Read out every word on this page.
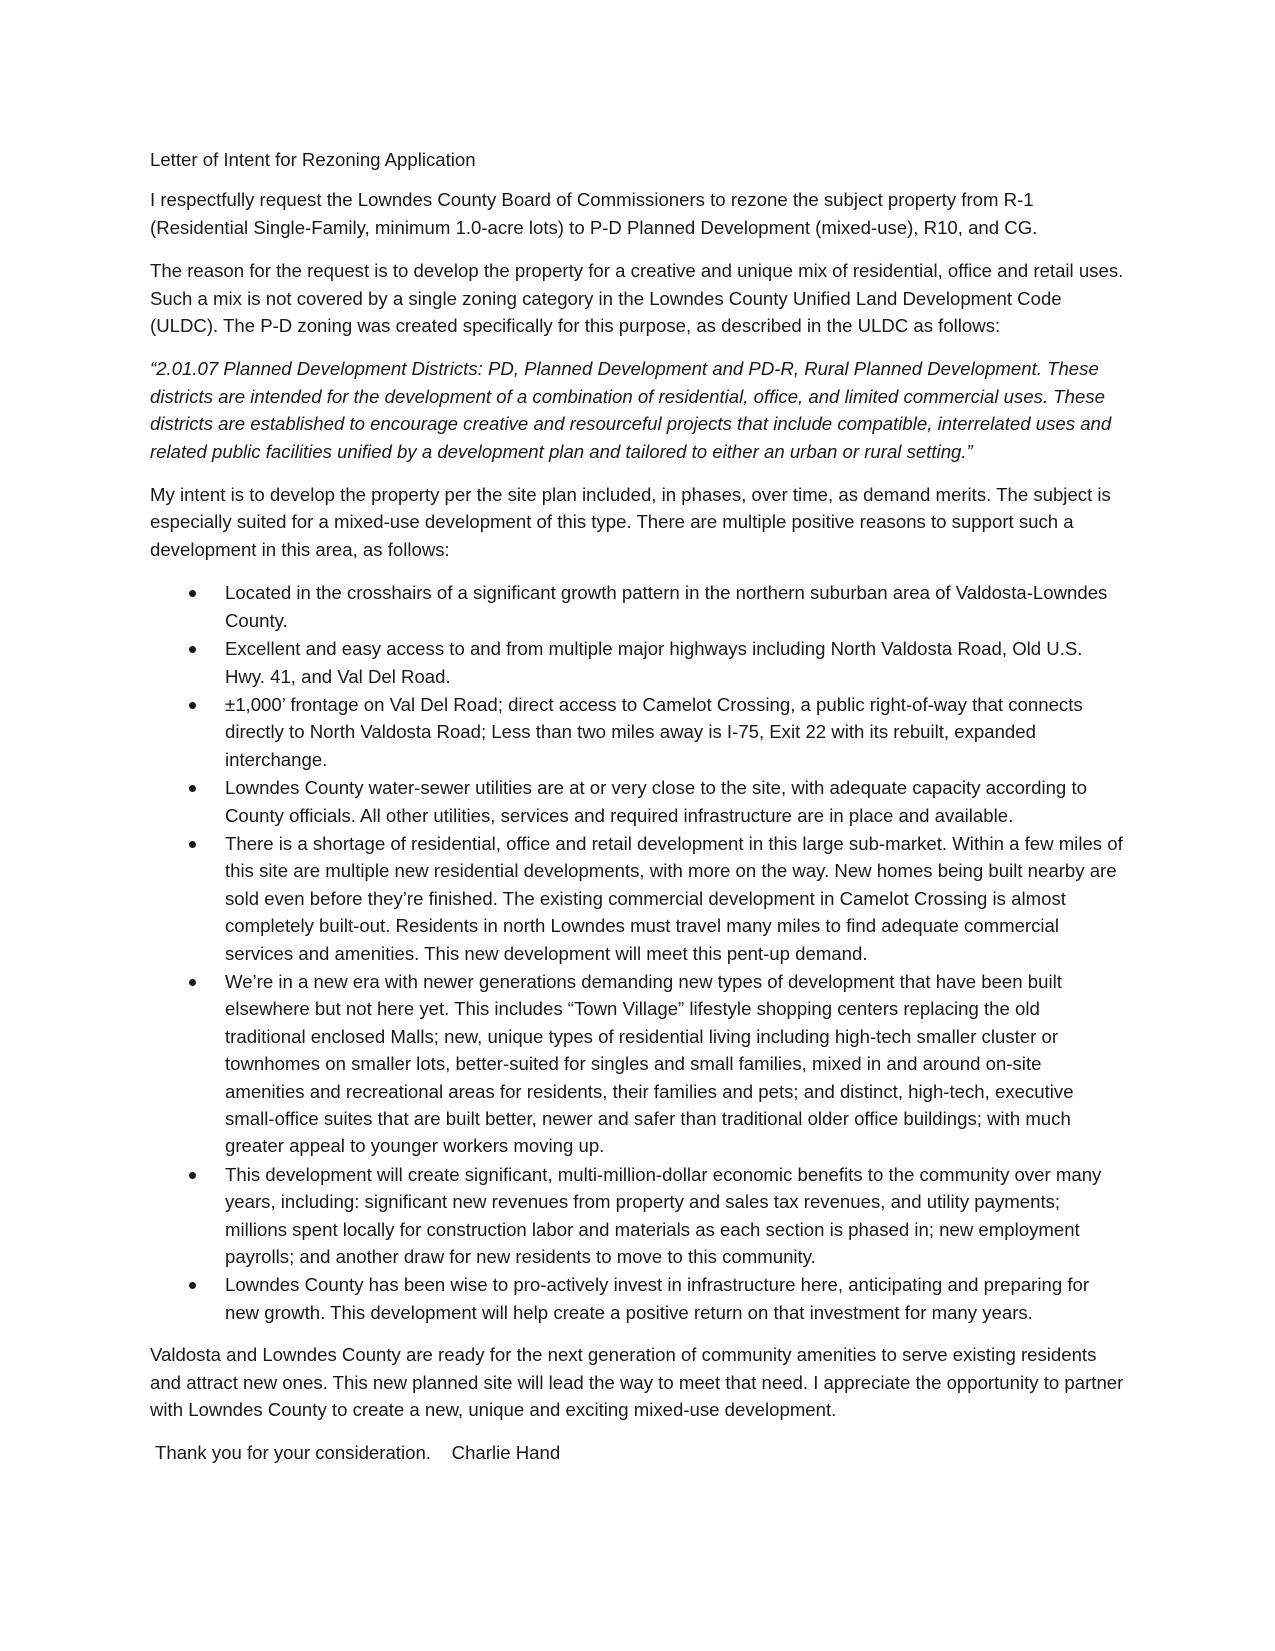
Letter of Intent for Rezoning Application

I respectfully request the Lowndes County Board of Commissioners to rezone the subject property from R-1 (Residential Single-Family, minimum 1.0-acre lots) to P-D Planned Development (mixed-use), R10, and CG.

The reason for the request is to develop the property for a creative and unique mix of residential, office and retail uses. Such a mix is not covered by a single zoning category in the Lowndes County Unified Land Development Code (ULDC). The P-D zoning was created specifically for this purpose, as described in the ULDC as follows:

“2.01.07 Planned Development Districts: PD, Planned Development and PD-R, Rural Planned Development. These districts are intended for the development of a combination of residential, office, and limited commercial uses. These districts are established to encourage creative and resourceful projects that include compatible, interrelated uses and related public facilities unified by a development plan and tailored to either an urban or rural setting.”

My intent is to develop the property per the site plan included, in phases, over time, as demand merits. The subject is especially suited for a mixed-use development of this type. There are multiple positive reasons to support such a development in this area, as follows:

Located in the crosshairs of a significant growth pattern in the northern suburban area of Valdosta-Lowndes County.
Excellent and easy access to and from multiple major highways including North Valdosta Road, Old U.S. Hwy. 41, and Val Del Road.
±1,000’ frontage on Val Del Road; direct access to Camelot Crossing, a public right-of-way that connects directly to North Valdosta Road; Less than two miles away is I-75, Exit 22 with its rebuilt, expanded interchange.
Lowndes County water-sewer utilities are at or very close to the site, with adequate capacity according to County officials. All other utilities, services and required infrastructure are in place and available.
There is a shortage of residential, office and retail development in this large sub-market. Within a few miles of this site are multiple new residential developments, with more on the way. New homes being built nearby are sold even before they’re finished. The existing commercial development in Camelot Crossing is almost completely built-out. Residents in north Lowndes must travel many miles to find adequate commercial services and amenities. This new development will meet this pent-up demand.
We’re in a new era with newer generations demanding new types of development that have been built elsewhere but not here yet. This includes “Town Village” lifestyle shopping centers replacing the old traditional enclosed Malls; new, unique types of residential living including high-tech smaller cluster or townhomes on smaller lots, better-suited for singles and small families, mixed in and around on-site amenities and recreational areas for residents, their families and pets; and distinct, high-tech, executive small-office suites that are built better, newer and safer than traditional older office buildings; with much greater appeal to younger workers moving up.
This development will create significant, multi-million-dollar economic benefits to the community over many years, including: significant new revenues from property and sales tax revenues, and utility payments; millions spent locally for construction labor and materials as each section is phased in; new employment payrolls; and another draw for new residents to move to this community.
Lowndes County has been wise to pro-actively invest in infrastructure here, anticipating and preparing for new growth. This development will help create a positive return on that investment for many years.

Valdosta and Lowndes County are ready for the next generation of community amenities to serve existing residents and attract new ones. This new planned site will lead the way to meet that need. I appreciate the opportunity to partner with Lowndes County to create a new, unique and exciting mixed-use development.

Thank you for your consideration. Charlie Hand
